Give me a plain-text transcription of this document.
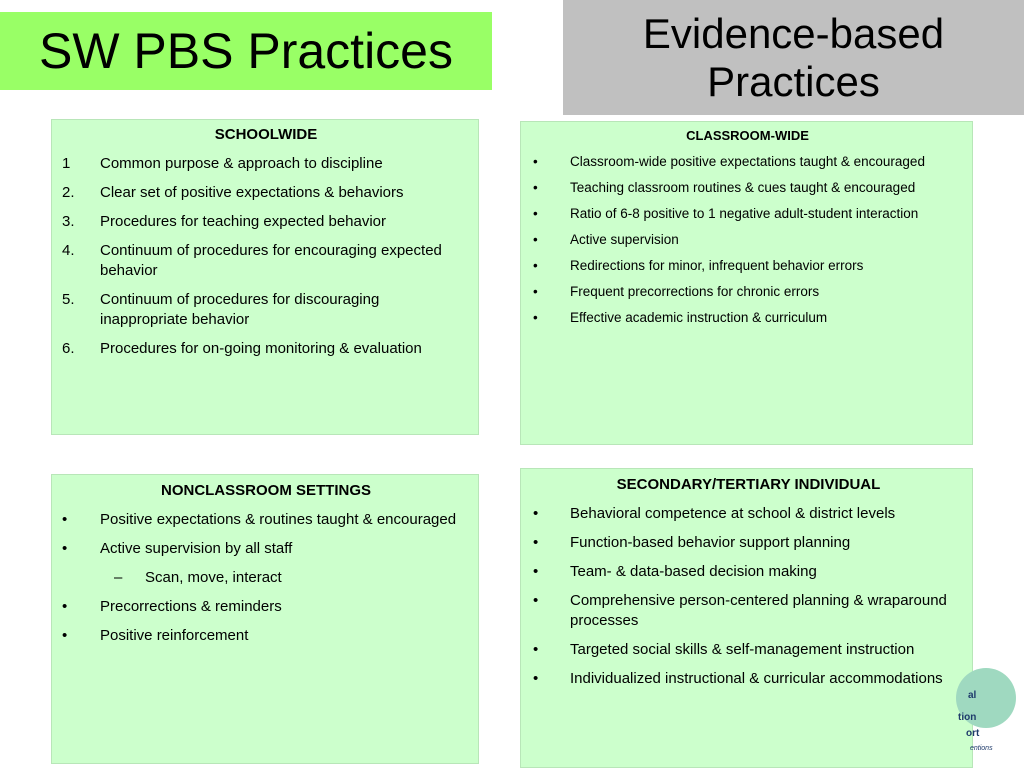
SW PBS Practices	Evidence-based Practices
SCHOOLWIDE
1 Common purpose & approach to discipline
2. Clear set of positive expectations & behaviors
3. Procedures for teaching expected behavior
4. Continuum of procedures for encouraging expected behavior
5. Continuum of procedures for discouraging inappropriate behavior
6. Procedures for on-going monitoring & evaluation
CLASSROOM-WIDE
• Classroom-wide positive expectations taught & encouraged
• Teaching classroom routines & cues taught & encouraged
• Ratio of 6-8 positive to 1 negative adult-student interaction
• Active supervision
• Redirections for minor, infrequent behavior errors
• Frequent precorrections for chronic errors
• Effective academic instruction & curriculum
NONCLASSROOM SETTINGS
• Positive expectations & routines taught & encouraged
• Active supervision by all staff
– Scan, move, interact
• Precorrections & reminders
• Positive reinforcement
SECONDARY/TERTIARY INDIVIDUAL
• Behavioral competence at school & district levels
• Function-based behavior support planning
• Team- & data-based decision making
• Comprehensive person-centered planning & wraparound processes
• Targeted social skills & self-management instruction
• Individualized instructional & curricular accommodations
al
tion
ort
entions
